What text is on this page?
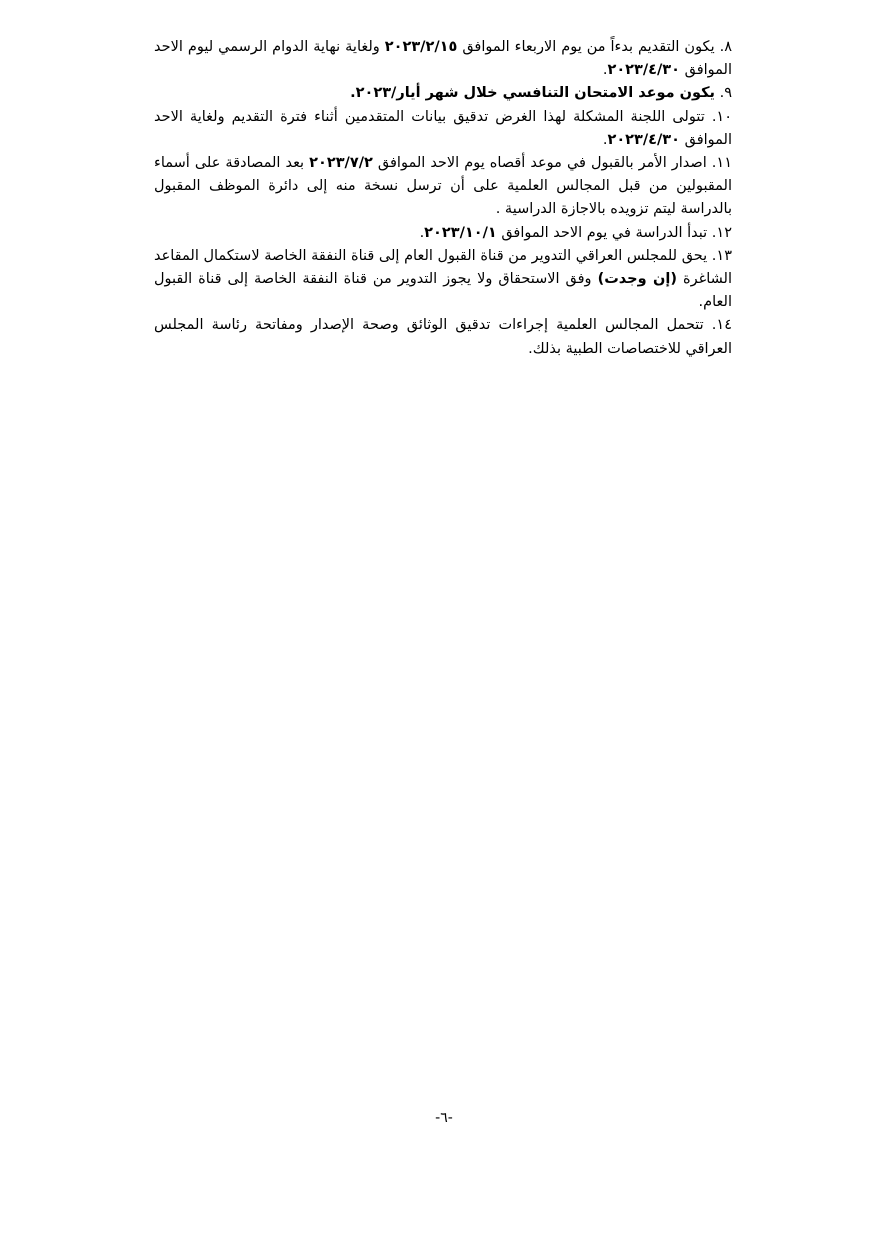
٨. يكون التقديم بدءاً من يوم الاربعاء الموافق ٢٠٢٣/٢/١٥ ولغاية نهاية الدوام الرسمي ليوم الاحد الموافق ٢٠٢٣/٤/٣٠.

٩. يكون موعد الامتحان التنافسي خلال شهر أيار/٢٠٢٣.

١٠. تتولى اللجنة المشكلة لهذا الغرض تدقيق بيانات المتقدمين أثناء فترة التقديم ولغاية الاحد الموافق ٢٠٢٣/٤/٣٠.

١١. اصدار الأمر بالقبول في موعد أقصاه يوم الاحد الموافق ٢٠٢٣/٧/٢ بعد المصادقة على أسماء المقبولين من قبل المجالس العلمية على أن ترسل نسخة منه إلى دائرة الموظف المقبول بالدراسة ليتم تزويده بالاجازة الدراسية .

١٢. تبدأ الدراسة في يوم الاحد الموافق ٢٠٢٣/١٠/١.

١٣. يحق للمجلس العراقي التدوير من قناة القبول العام إلى قناة النفقة الخاصة لاستكمال المقاعد الشاغرة (إن وجدت) وفق الاستحقاق ولا يجوز التدوير من قناة النفقة الخاصة إلى قناة القبول العام.

١٤. تتحمل المجالس العلمية إجراءات تدقيق الوثائق وصحة الإصدار ومفاتحة رئاسة المجلس العراقي للاختصاصات الطبية بذلك.

-٦-
